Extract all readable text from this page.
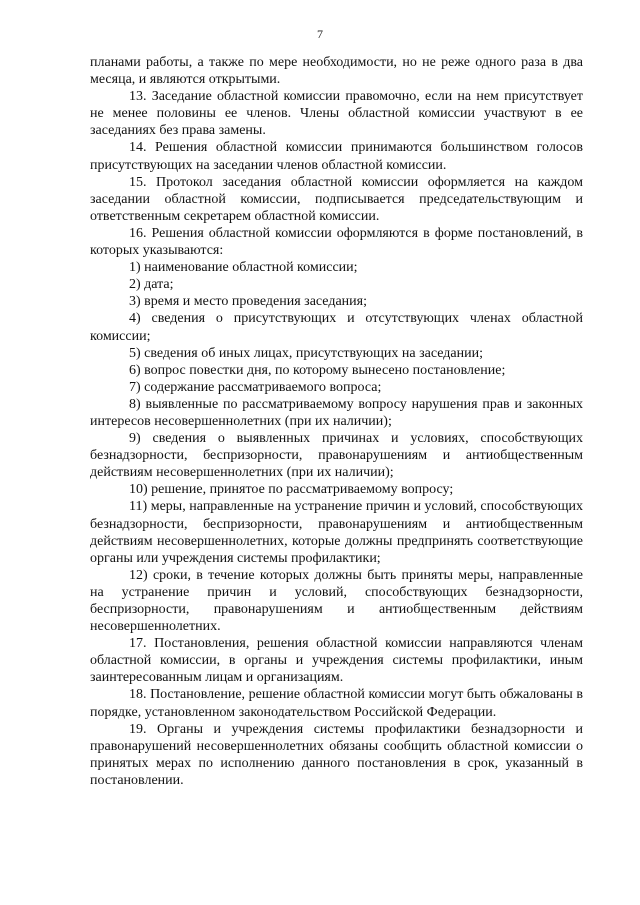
7

планами работы, а также по мере необходимости, но не реже одного раза в два месяца, и являются открытыми.

13. Заседание областной комиссии правомочно, если на нем присутствует не менее половины ее членов. Члены областной комиссии участвуют в ее заседаниях без права замены.

14. Решения областной комиссии принимаются большинством голосов присутствующих на заседании членов областной комиссии.

15. Протокол заседания областной комиссии оформляется на каждом заседании областной комиссии, подписывается председательствующим и ответственным секретарем областной комиссии.

16. Решения областной комиссии оформляются в форме постановлений, в которых указываются:

1) наименование областной комиссии;

2) дата;

3) время и место проведения заседания;

4) сведения о присутствующих и отсутствующих членах областной комиссии;

5) сведения об иных лицах, присутствующих на заседании;

6) вопрос повестки дня, по которому вынесено постановление;

7) содержание рассматриваемого вопроса;

8) выявленные по рассматриваемому вопросу нарушения прав и законных интересов несовершеннолетних (при их наличии);

9) сведения о выявленных причинах и условиях, способствующих безнадзорности, беспризорности, правонарушениям и антиобщественным действиям несовершеннолетних (при их наличии);

10) решение, принятое по рассматриваемому вопросу;

11) меры, направленные на устранение причин и условий, способствующих безнадзорности, беспризорности, правонарушениям и антиобщественным действиям несовершеннолетних, которые должны предпринять соответствующие органы или учреждения системы профилактики;

12) сроки, в течение которых должны быть приняты меры, направленные на устранение причин и условий, способствующих безнадзорности, беспризорности, правонарушениям и антиобщественным действиям несовершеннолетних.

17. Постановления, решения областной комиссии направляются членам областной комиссии, в органы и учреждения системы профилактики, иным заинтересованным лицам и организациям.

18. Постановление, решение областной комиссии могут быть обжалованы в порядке, установленном законодательством Российской Федерации.

19. Органы и учреждения системы профилактики безнадзорности и правонарушений несовершеннолетних обязаны сообщить областной комиссии о принятых мерах по исполнению данного постановления в срок, указанный в постановлении.
